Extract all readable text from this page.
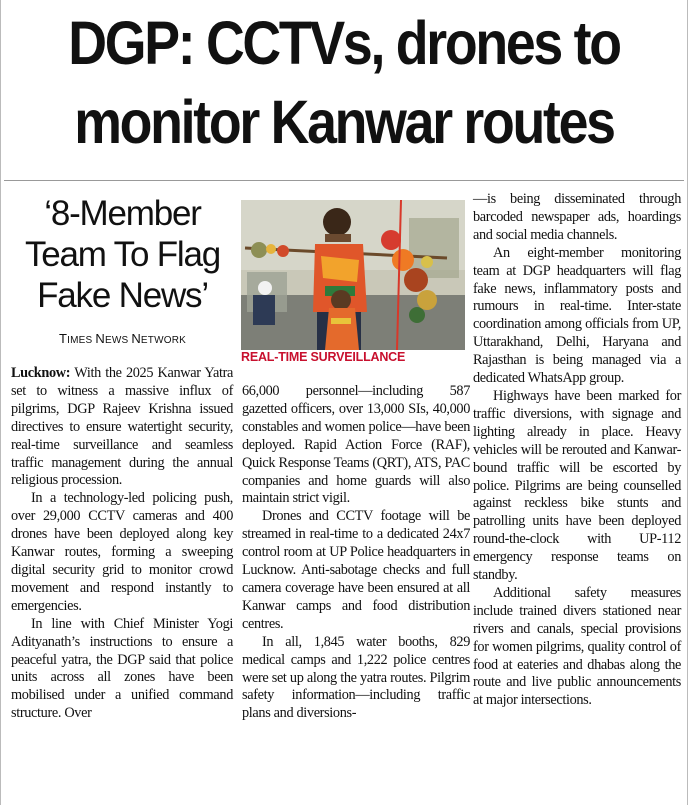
DGP: CCTVs, drones to
monitor Kanwar routes
‘8-Member
Team To Flag
Fake News’
TIMES NEWS NETWORK
REAL-TIME SURVEILLANCE

Lucknow: With the 2025 Kanwar Yatra set to witness a massive influx of pilgrims, DGP Rajeev Krishna issued directives to ensure watertight security, real-time surveillance and seamless traffic management during the annual religious procession.

In a technology-led policing push, over 29,000 CCTV cameras and 400 drones have been deployed along key Kanwar routes, forming a sweeping digital security grid to monitor crowd movement and respond instantly to emergencies.

In line with Chief Minister Yogi Adityanath’s instructions to ensure a peaceful yatra, the DGP said that police units across all zones have been mobilised under a unified command structure. Over

66,000 personnel—including 587 gazetted officers, over 13,000 SIs, 40,000 constables and women police—have been deployed. Rapid Action Force (RAF), Quick Response Teams (QRT), ATS, PAC companies and home guards will also maintain strict vigil.

Drones and CCTV footage will be streamed in real-time to a dedicated 24x7 control room at UP Police headquarters in Lucknow. Anti-sabotage checks and full camera coverage have been ensured at all Kanwar camps and food distribution centres.

In all, 1,845 water booths, 829 medical camps and 1,222 police centres were set up along the yatra routes. Pilgrim safety information—including traffic plans and diversions-

—is being disseminated through barcoded newspaper ads, hoardings and social media channels.

An eight-member monitoring team at DGP headquarters will flag fake news, inflammatory posts and rumours in real-time. Inter-state coordination among officials from UP, Uttarakhand, Delhi, Haryana and Rajasthan is being managed via a dedicated WhatsApp group.

Highways have been marked for traffic diversions, with signage and lighting already in place. Heavy vehicles will be rerouted and Kanwar-bound traffic will be escorted by police. Pilgrims are being counselled against reckless bike stunts and patrolling units have been deployed round-the-clock with UP-112 emergency response teams on standby.

Additional safety measures include trained divers stationed near rivers and canals, special provisions for women pilgrims, quality control of food at eateries and dhabas along the route and live public announcements at major intersections.
